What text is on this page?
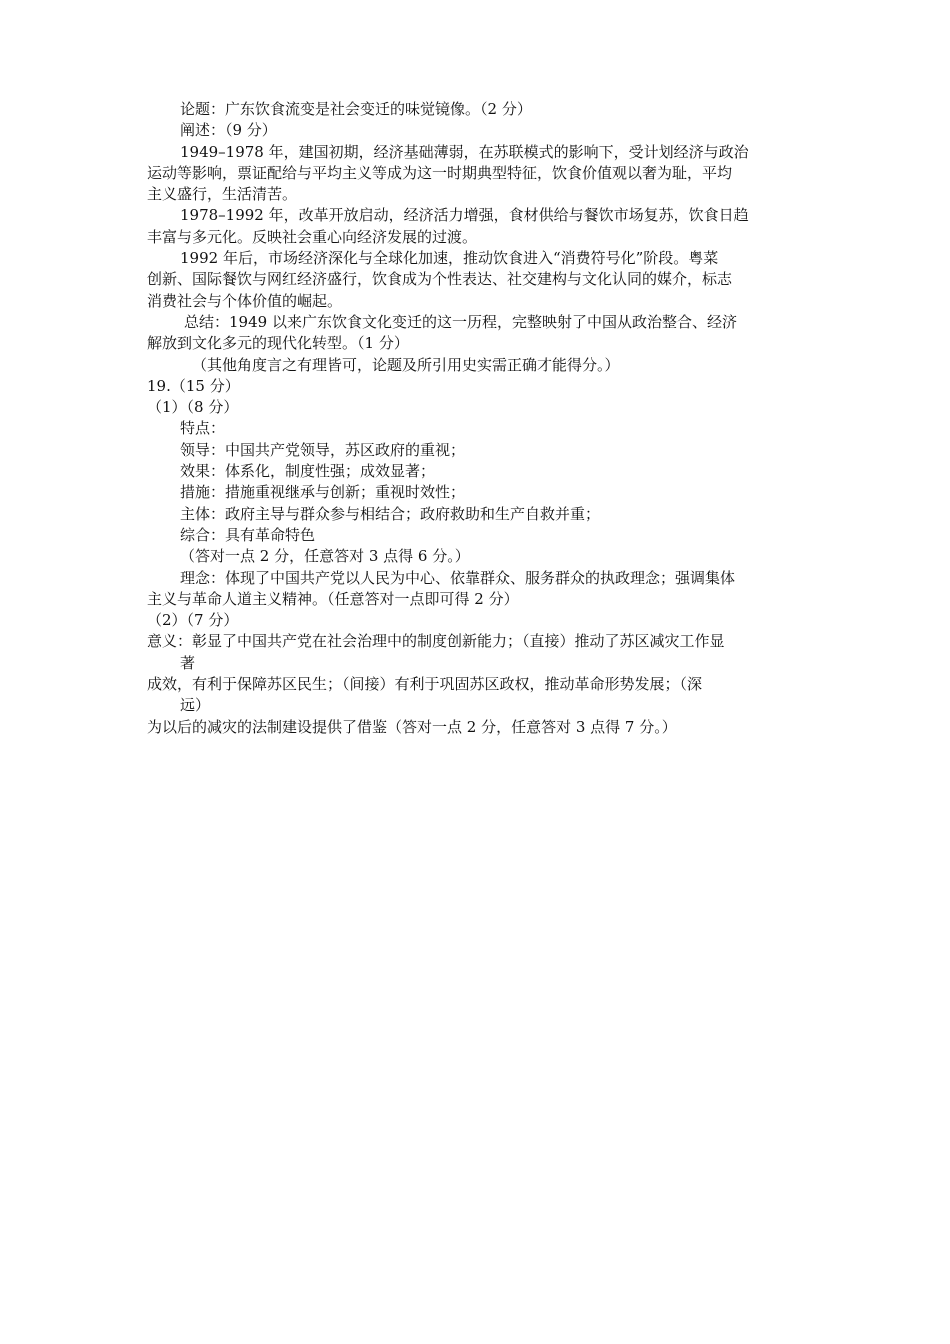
论题：广东饮食流变是社会变迁的味觉镜像。（2 分）
阐述：（9 分）
1949–1978 年，建国初期，经济基础薄弱，在苏联模式的影响下，受计划经济与政治
运动等影响，票证配给与平均主义等成为这一时期典型特征，饮食价值观以奢为耻，平均
主义盛行，生活清苦。
1978–1992 年，改革开放启动，经济活力增强，食材供给与餐饮市场复苏，饮食日趋
丰富与多元化。反映社会重心向经济发展的过渡。
1992 年后，市场经济深化与全球化加速，推动饮食进入“消费符号化”阶段。粤菜
创新、国际餐饮与网红经济盛行，饮食成为个性表达、社交建构与文化认同的媒介，标志
消费社会与个体价值的崛起。
总结：1949 以来广东饮食文化变迁的这一历程，完整映射了中国从政治整合、经济
解放到文化多元的现代化转型。（1 分）
（其他角度言之有理皆可，论题及所引用史实需正确才能得分。）
19.（15 分）
（1）（8 分）
特点：
领导：中国共产党领导，苏区政府的重视；
效果：体系化，制度性强；成效显著；
措施：措施重视继承与创新；重视时效性；
主体：政府主导与群众参与相结合；政府救助和生产自救并重；
综合：具有革命特色
（答对一点 2 分，任意答对 3 点得 6 分。）
理念：体现了中国共产党以人民为中心、依靠群众、服务群众的执政理念；强调集体
主义与革命人道主义精神。（任意答对一点即可得 2 分）
（2）（7 分）
意义：彰显了中国共产党在社会治理中的制度创新能力；（直接）推动了苏区减灾工作显
著
成效，有利于保障苏区民生；（间接）有利于巩固苏区政权，推动革命形势发展；（深
远）
为以后的减灾的法制建设提供了借鉴（答对一点 2 分，任意答对 3 点得 7 分。）
